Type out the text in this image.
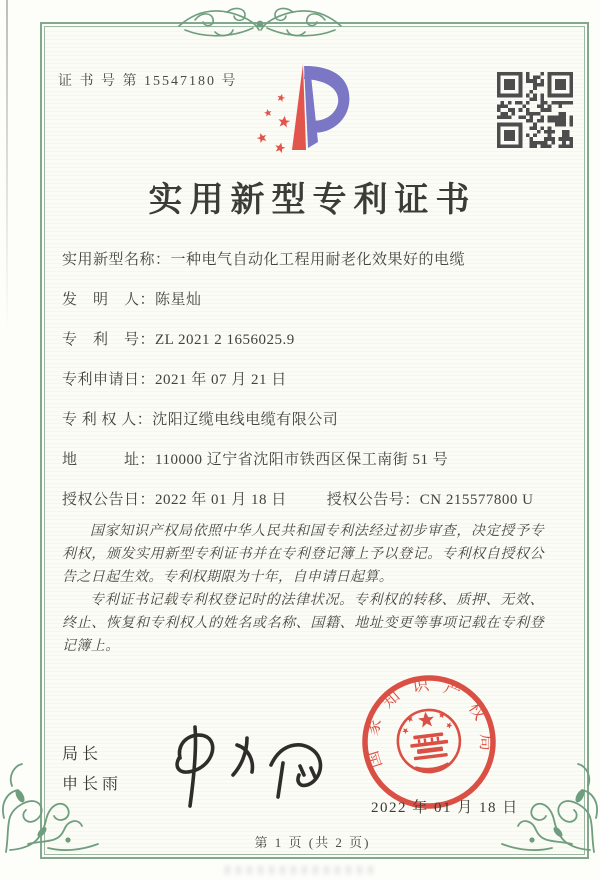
证 书 号 第 15547180 号
实用新型专利证书
实用新型名称：一种电气自动化工程用耐老化效果好的电缆
发　明　人：陈星灿
专　利　号：ZL 2021 2 1656025.9
专利申请日：2021 年 07 月 21 日
专 利 权 人：沈阳辽缆电线电缆有限公司
地　　　址：110000 辽宁省沈阳市铁西区保工南街 51 号
授权公告日：2022 年 01 月 18 日	授权公告号：CN 215577800 U

国家知识产权局依照中华人民共和国专利法经过初步审查，决定授予专利权，颁发实用新型专利证书并在专利登记簿上予以登记。专利权自授权公告之日起生效。专利权期限为十年，自申请日起算。

专利证书记载专利权登记时的法律状况。专利权的转移、质押、无效、终止、恢复和专利权人的姓名或名称、国籍、地址变更等事项记载在专利登记簿上。

局长
申长雨
国家知识产权局
2022 年 01 月 18 日
第 1 页 (共 2 页)
